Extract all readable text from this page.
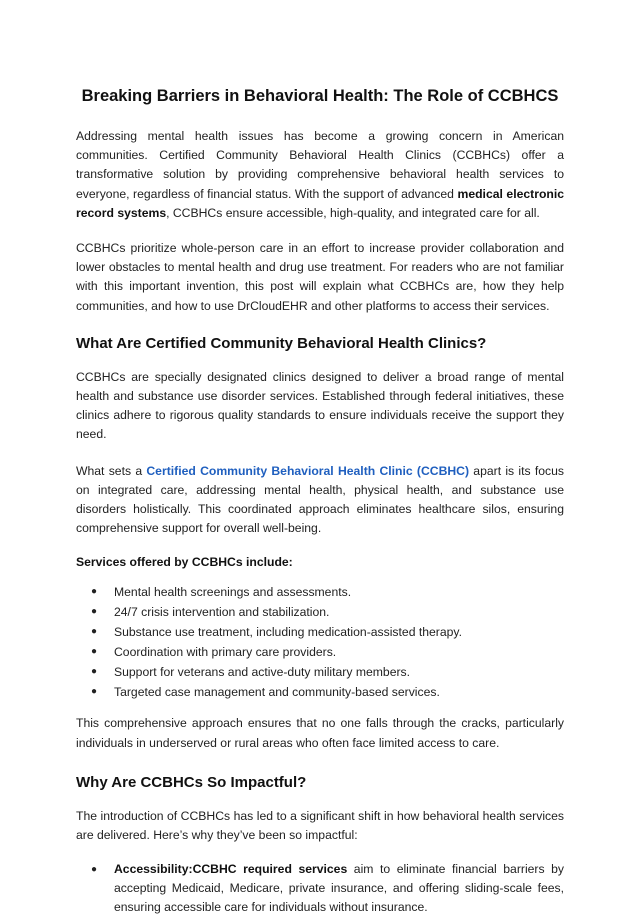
Breaking Barriers in Behavioral Health: The Role of CCBHCS

Addressing mental health issues has become a growing concern in American communities. Certified Community Behavioral Health Clinics (CCBHCs) offer a transformative solution by providing comprehensive behavioral health services to everyone, regardless of financial status. With the support of advanced medical electronic record systems, CCBHCs ensure accessible, high-quality, and integrated care for all.

CCBHCs prioritize whole-person care in an effort to increase provider collaboration and lower obstacles to mental health and drug use treatment. For readers who are not familiar with this important invention, this post will explain what CCBHCs are, how they help communities, and how to use DrCloudEHR and other platforms to access their services.

What Are Certified Community Behavioral Health Clinics?

CCBHCs are specially designated clinics designed to deliver a broad range of mental health and substance use disorder services. Established through federal initiatives, these clinics adhere to rigorous quality standards to ensure individuals receive the support they need.

What sets a Certified Community Behavioral Health Clinic (CCBHC) apart is its focus on integrated care, addressing mental health, physical health, and substance use disorders holistically. This coordinated approach eliminates healthcare silos, ensuring comprehensive support for overall well-being.

Services offered by CCBHCs include:
● Mental health screenings and assessments.
● 24/7 crisis intervention and stabilization.
● Substance use treatment, including medication-assisted therapy.
● Coordination with primary care providers.
● Support for veterans and active-duty military members.
● Targeted case management and community-based services.

This comprehensive approach ensures that no one falls through the cracks, particularly individuals in underserved or rural areas who often face limited access to care.

Why Are CCBHCs So Impactful?

The introduction of CCBHCs has led to a significant shift in how behavioral health services are delivered. Here’s why they’ve been so impactful:

● Accessibility:CCBHC required services aim to eliminate financial barriers by accepting Medicaid, Medicare, private insurance, and offering sliding-scale fees, ensuring accessible care for individuals without insurance.
